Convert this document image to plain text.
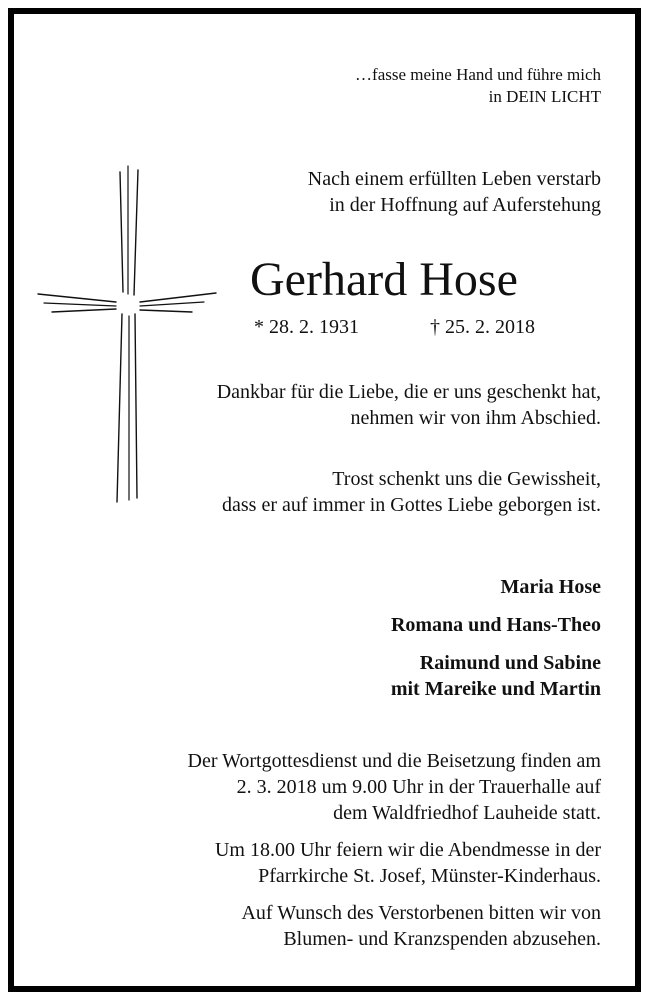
…fasse meine Hand und führe mich
in DEIN LICHT
Nach einem erfüllten Leben verstarb
in der Hoffnung auf Auferstehung
Gerhard Hose
* 28. 2. 1931	† 25. 2. 2018
Dankbar für die Liebe, die er uns geschenkt hat,
nehmen wir von ihm Abschied.
Trost schenkt uns die Gewissheit,
dass er auf immer in Gottes Liebe geborgen ist.
Maria Hose
Romana und Hans-Theo
Raimund und Sabine
mit Mareike und Martin
Der Wortgottesdienst und die Beisetzung finden am
2. 3. 2018 um 9.00 Uhr in der Trauerhalle auf
dem Waldfriedhof Lauheide statt.
Um 18.00 Uhr feiern wir die Abendmesse in der
Pfarrkirche St. Josef, Münster-Kinderhaus.
Auf Wunsch des Verstorbenen bitten wir von
Blumen- und Kranzspenden abzusehen.
